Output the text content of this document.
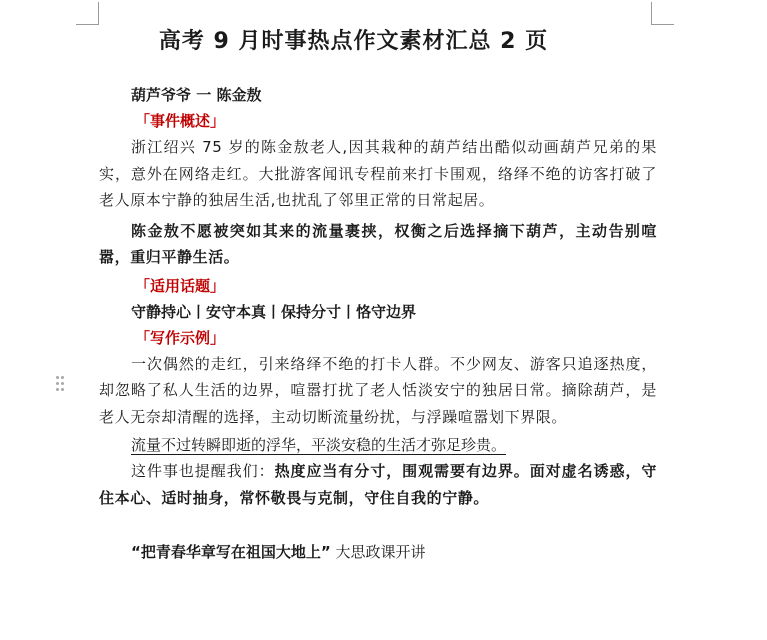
高考 9 月时事热点作文素材汇总 2 页

葫芦爷爷 一 陈金敖

「事件概述」

浙江绍兴 75 岁的陈金敖老人,因其栽种的葫芦结出酷似动画葫芦兄弟的果实，意外在网络走红。大批游客闻讯专程前来打卡围观，络绎不绝的访客打破了老人原本宁静的独居生活,也扰乱了邻里正常的日常起居。

陈金敖不愿被突如其来的流量裹挟，权衡之后选择摘下葫芦，主动告别喧嚣，重归平静生活。

「适用话题」

守静持心丨安守本真丨保持分寸丨恪守边界

「写作示例」

一次偶然的走红，引来络绎不绝的打卡人群。不少网友、游客只追逐热度，却忽略了私人生活的边界，喧嚣打扰了老人恬淡安宁的独居日常。摘除葫芦，是老人无奈却清醒的选择，主动切断流量纷扰，与浮躁喧嚣划下界限。

流量不过转瞬即逝的浮华，平淡安稳的生活才弥足珍贵。

这件事也提醒我们：热度应当有分寸，围观需要有边界。面对虚名诱惑，守住本心、适时抽身，常怀敬畏与克制，守住自我的宁静。

“把青春华章写在祖国大地上” 大思政课开讲
